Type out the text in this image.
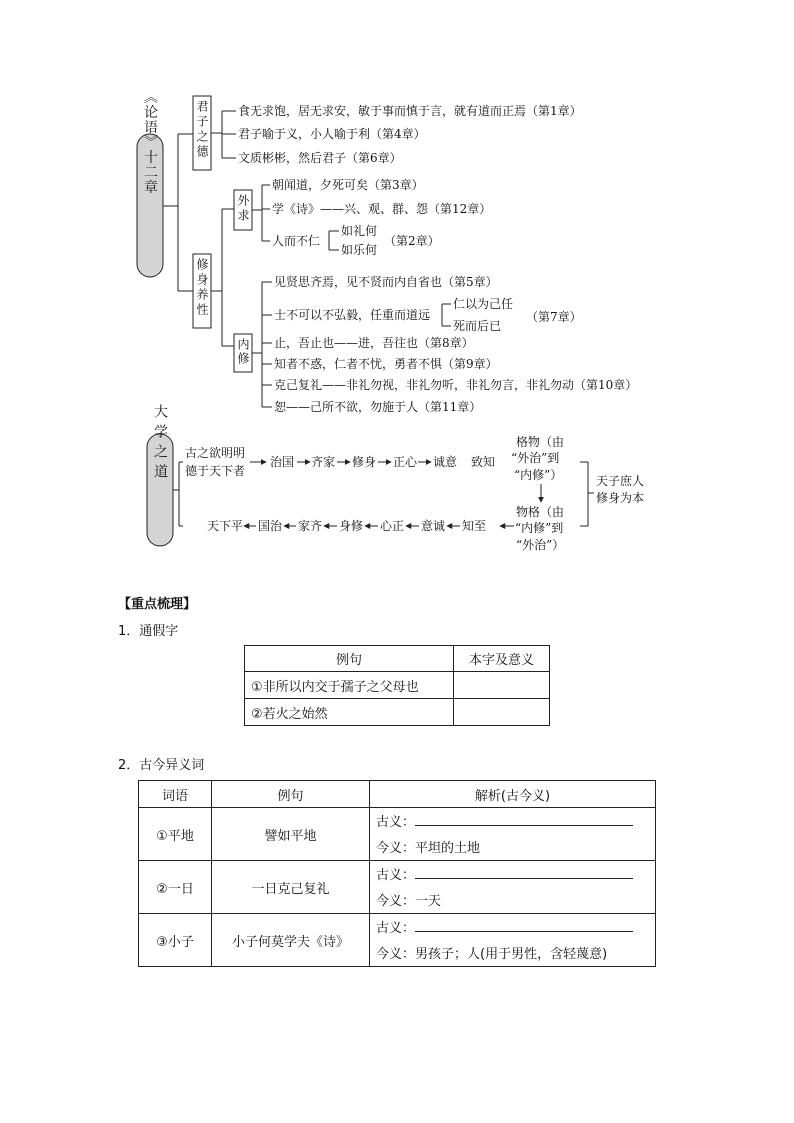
《论语》十二章	君子之德
修身养性
外求
内修
食无求饱，居无求安，敏于事而慎于言，就有道而正焉（第1章）
君子喻于义，小人喻于利（第4章）
文质彬彬，然后君子（第6章）
朝闻道，夕死可矣（第3章）
学《诗》——兴、观、群、怨（第12章）
人而不仁
如礼何
如乐何
（第2章）
见贤思齐焉，见不贤而内自省也（第5章）
士不可以不弘毅，任重而道远
仁以为己任
死而后已
（第7章）
止，吾止也——进，吾往也（第8章）
知者不惑，仁者不忧，勇者不惧（第9章）
克己复礼——非礼勿视，非礼勿听，非礼勿言，非礼勿动（第10章）
恕——己所不欲，勿施于人（第11章）
大学之道 古之欲明明
德于天下者
治国 齐家 修身 正心 诚意 致知
格物（由
“外治”到
“内修”）
物格（由
“内修”到
“外治”）
天下平 国治 家齐 身修 心正 意诚 知至
天子庶人
修身为本
【重点梳理】
1．通假字
例句	本字及意义
①非所以内交于孺子之父母也	
②若火之始然	
2．古今异义词
词语	例句	解析(古今义)
①平地	譬如平地	古义：
		今义：平坦的土地
②一日	一日克己复礼	古义：
		今义：一天
③小子	小子何莫学夫《诗》	古义：
		今义：男孩子；人(用于男性，含轻蔑意)
